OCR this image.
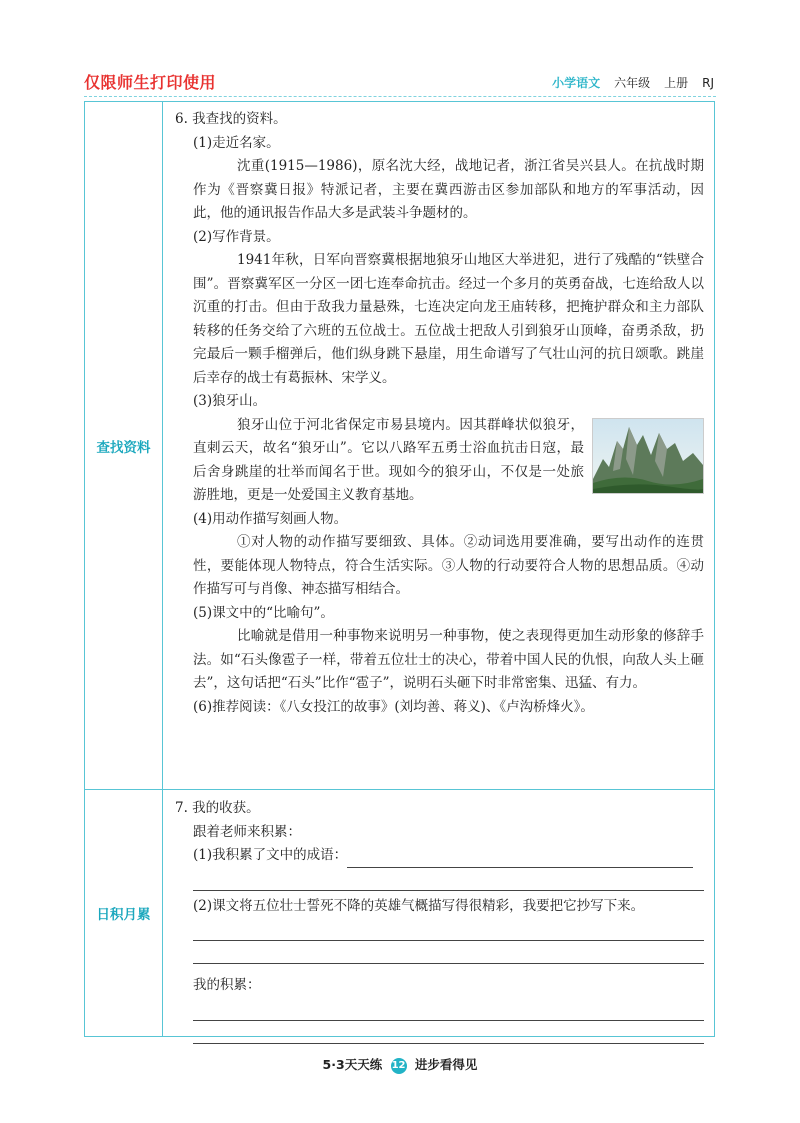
仅限师生打印使用	小学语文 六年级 上册 RJ
查找资料
日积月累

6. 我查找的资料。

(1)走近名家。

沈重(1915—1986)，原名沈大经，战地记者，浙江省吴兴县人。在抗战时期作为《晋察冀日报》特派记者，主要在冀西游击区参加部队和地方的军事活动，因此，他的通讯报告作品大多是武装斗争题材的。

(2)写作背景。

1941年秋，日军向晋察冀根据地狼牙山地区大举进犯，进行了残酷的“铁壁合围”。晋察冀军区一分区一团七连奉命抗击。经过一个多月的英勇奋战，七连给敌人以沉重的打击。但由于敌我力量悬殊，七连决定向龙王庙转移，把掩护群众和主力部队转移的任务交给了六班的五位战士。五位战士把敌人引到狼牙山顶峰，奋勇杀敌，扔完最后一颗手榴弹后，他们纵身跳下悬崖，用生命谱写了气壮山河的抗日颂歌。跳崖后幸存的战士有葛振林、宋学义。

(3)狼牙山。

狼牙山位于河北省保定市易县境内。因其群峰状似狼牙，直刺云天，故名“狼牙山”。它以八路军五勇士浴血抗击日寇，最后舍身跳崖的壮举而闻名于世。现如今的狼牙山，不仅是一处旅游胜地，更是一处爱国主义教育基地。

(4)用动作描写刻画人物。

①对人物的动作描写要细致、具体。②动词选用要准确，要写出动作的连贯性，要能体现人物特点，符合生活实际。③人物的行动要符合人物的思想品质。④动作描写可与肖像、神态描写相结合。

(5)课文中的“比喻句”。

比喻就是借用一种事物来说明另一种事物，使之表现得更加生动形象的修辞手法。如“石头像雹子一样，带着五位壮士的决心，带着中国人民的仇恨，向敌人头上砸去”，这句话把“石头”比作“雹子”，说明石头砸下时非常密集、迅猛、有力。

(6)推荐阅读：《八女投江的故事》(刘均善、蒋义)、《卢沟桥烽火》。

7. 我的收获。

跟着老师来积累：

(1)我积累了文中的成语：

(2)课文将五位壮士誓死不降的英雄气概描写得很精彩，我要把它抄写下来。

我的积累：

5·3天天练 12 进步看得见
